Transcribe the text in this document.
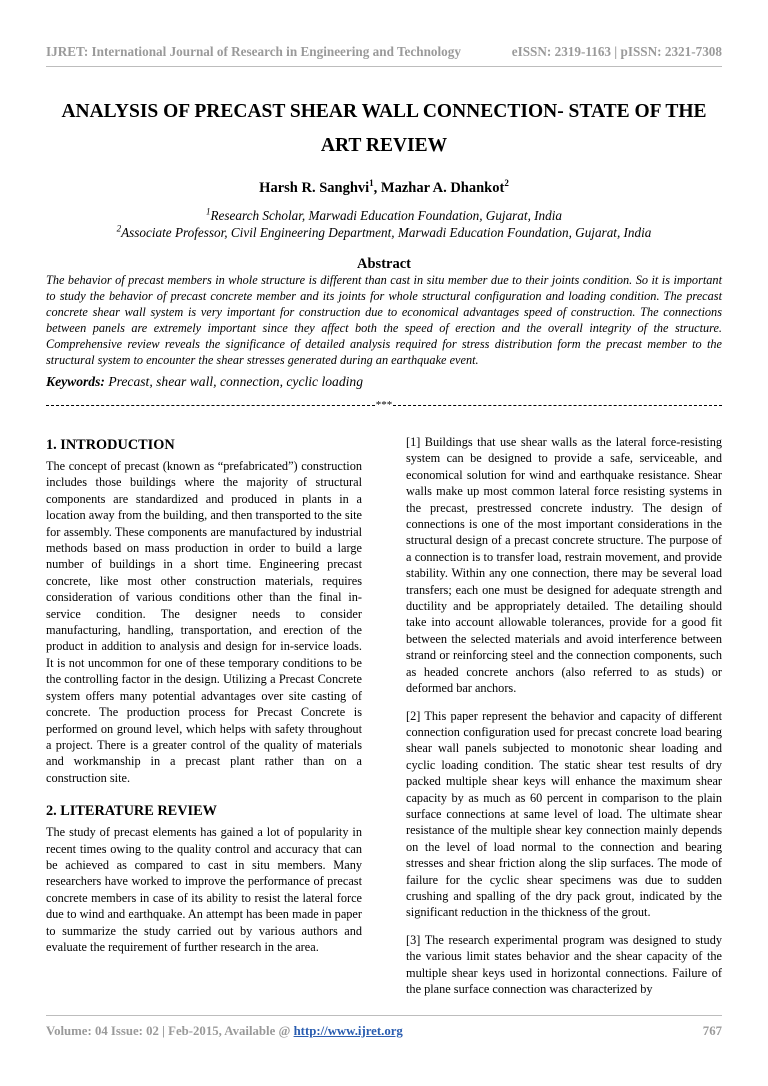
IJRET: International Journal of Research in Engineering and Technology	eISSN: 2319-1163 | pISSN: 2321-7308
ANALYSIS OF PRECAST SHEAR WALL CONNECTION- STATE OF THE ART REVIEW
Harsh R. Sanghvi$^1$, Mazhar A. Dhankot$^2$
$^1$Research Scholar, Marwadi Education Foundation, Gujarat, India
$^2$Associate Professor, Civil Engineering Department, Marwadi Education Foundation, Gujarat, India
Abstract
The behavior of precast members in whole structure is different than cast in situ member due to their joints condition. So it is important to study the behavior of precast concrete member and its joints for whole structural configuration and loading condition. The precast concrete shear wall system is very important for construction due to economical advantages speed of construction. The connections between panels are extremely important since they affect both the speed of erection and the overall integrity of the structure. Comprehensive review reveals the significance of detailed analysis required for stress distribution form the precast member to the structural system to encounter the shear stresses generated during an earthquake event.
Keywords: Precast, shear wall, connection, cyclic loading
***
1. INTRODUCTION

The concept of precast (known as “prefabricated”) construction includes those buildings where the majority of structural components are standardized and produced in plants in a location away from the building, and then transported to the site for assembly. These components are manufactured by industrial methods based on mass production in order to build a large number of buildings in a short time. Engineering precast concrete, like most other construction materials, requires consideration of various conditions other than the final in-service condition. The designer needs to consider manufacturing, handling, transportation, and erection of the product in addition to analysis and design for in-service loads. It is not uncommon for one of these temporary conditions to be the controlling factor in the design. Utilizing a Precast Concrete system offers many potential advantages over site casting of concrete. The production process for Precast Concrete is performed on ground level, which helps with safety throughout a project. There is a greater control of the quality of materials and workmanship in a precast plant rather than on a construction site.

2. LITERATURE REVIEW

The study of precast elements has gained a lot of popularity in recent times owing to the quality control and accuracy that can be achieved as compared to cast in situ members. Many researchers have worked to improve the performance of precast concrete members in case of its ability to resist the lateral force due to wind and earthquake. An attempt has been made in paper to summarize the study carried out by various authors and evaluate the requirement of further research in the area.

[1] Buildings that use shear walls as the lateral force-resisting system can be designed to provide a safe, serviceable, and economical solution for wind and earthquake resistance. Shear walls make up most common lateral force resisting systems in the precast, prestressed concrete industry. The design of connections is one of the most important considerations in the structural design of a precast concrete structure. The purpose of a connection is to transfer load, restrain movement, and provide stability. Within any one connection, there may be several load transfers; each one must be designed for adequate strength and ductility and be appropriately detailed. The detailing should take into account allowable tolerances, provide for a good fit between the selected materials and avoid interference between strand or reinforcing steel and the connection components, such as headed concrete anchors (also referred to as studs) or deformed bar anchors.

[2] This paper represent the behavior and capacity of different connection configuration used for precast concrete load bearing shear wall panels subjected to monotonic shear loading and cyclic loading condition. The static shear test results of dry packed multiple shear keys will enhance the maximum shear capacity by as much as 60 percent in comparison to the plain surface connections at same level of load. The ultimate shear resistance of the multiple shear key connection mainly depends on the level of load normal to the connection and bearing stresses and shear friction along the slip surfaces. The mode of failure for the cyclic shear specimens was due to sudden crushing and spalling of the dry pack grout, indicated by the significant reduction in the thickness of the grout.

[3] The research experimental program was designed to study the various limit states behavior and the shear capacity of the multiple shear keys used in horizontal connections. Failure of the plane surface connection was characterized by

Volume: 04 Issue: 02 | Feb-2015, Available @ http://www.ijret.org	767
